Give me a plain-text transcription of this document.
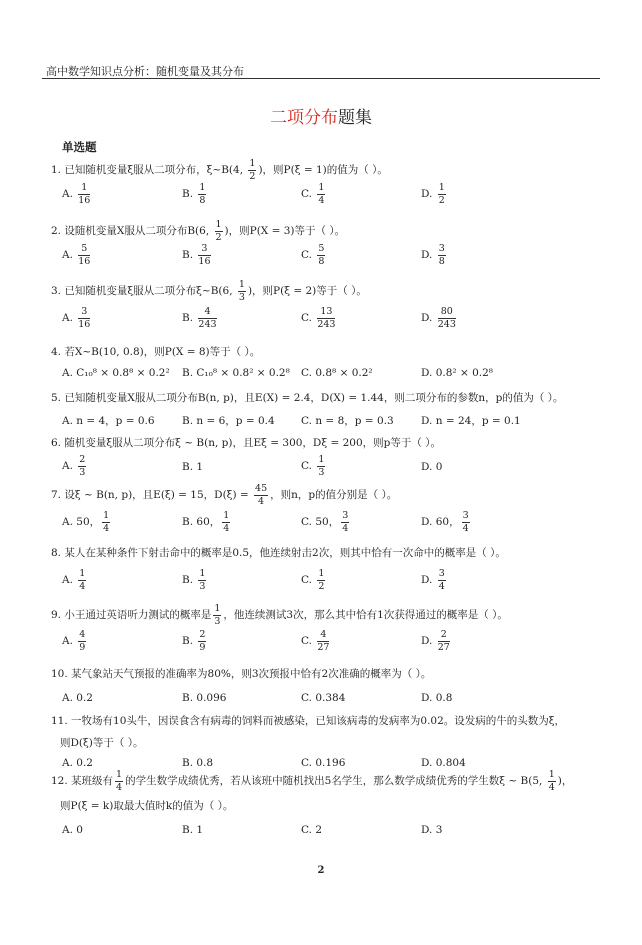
高中数学知识点分析：随机变量及其分布
二项分布题集
单选题
1. 已知随机变量ξ服从二项分布，ξ~B(4, $\frac{1}{2}$ )，则P(ξ = 1)的值为（ ）。
A. $\frac{1}{16}$	B. $\frac{1}{8}$	C. $\frac{1}{4}$	D. $\frac{1}{2}$
2. 设随机变量X服从二项分布B(6, $\frac{1}{2}$ )，则P(X = 3)等于（ ）。
A. $\frac{5}{16}$	B. $\frac{3}{16}$	C. $\frac{5}{8}$	D. $\frac{3}{8}$
3. 已知随机变量ξ服从二项分布ξ~B(6, $\frac{1}{3}$ )，则P(ξ = 2)等于（ ）。
A. $\frac{3}{16}$	B. $\frac{4}{243}$	C. $\frac{13}{243}$	D. $\frac{80}{243}$
4. 若X~B(10, 0.8)，则P(X = 8)等于（ ）。
A. C₁₀⁸ × 0.8⁸ × 0.2² B. C₁₀⁸ × 0.8² × 0.2⁸ C. 0.8⁸ × 0.2²	D. 0.8² × 0.2⁸
5. 已知随机变量X服从二项分布B(n, p)，且E(X) = 2.4，D(X) = 1.44，则二项分布的参数n，p的值为（ ）。
A. n = 4，p = 0.6	B. n = 6，p = 0.4	C. n = 8，p = 0.3	D. n = 24，p = 0.1
6. 随机变量ξ服从二项分布ξ ~ B(n, p)，且Eξ = 300，Dξ = 200，则p等于（ ）。
A. $\frac{2}{3}$	B. 1	C. $\frac{1}{3}$	D. 0
7. 设ξ ~ B(n, p)，且E(ξ) = 15，$D(\xi) = \frac{45}{4}$ ，则n，p的值分别是（ ）。
A. 50， $\frac{1}{4}$	B. 60， $\frac{1}{4}$	C. 50， $\frac{3}{4}$	D. 60， $\frac{3}{4}$
8. 某人在某种条件下射击命中的概率是0.5，他连续射击2次，则其中恰有一次命中的概率是（ ）。
A. $\frac{1}{4}$	B. $\frac{1}{3}$	C. $\frac{1}{2}$	D. $\frac{3}{4}$
9. 小王通过英语听力测试的概率是 $\frac{1}{3}$ ，他连续测试3次，那么其中恰有1次获得通过的概率是（ ）。
A. $\frac{4}{9}$	B. $\frac{2}{9}$	C. $\frac{4}{27}$	D. $\frac{2}{27}$
10. 某气象站天气预报的准确率为80%，则3次预报中恰有2次准确的概率为（ ）。
A. 0.2	B. 0.096	C. 0.384	D. 0.8
11. 一牧场有10头牛，因误食含有病毒的饲料而被感染，已知该病毒的发病率为0.02。设发病的牛的头数为ξ，
则D(ξ)等于（ ）。
A. 0.2	B. 0.8	C. 0.196	D. 0.804
12. 某班级有 $\frac{1}{4}$ 的学生数学成绩优秀，若从该班中随机找出5名学生，那么数学成绩优秀的学生数ξ ~ B(5, $\frac{1}{4}$ )，
则P(ξ = k)取最大值时k的值为（ ）。
A. 0	B. 1	C. 2	D. 3
2
